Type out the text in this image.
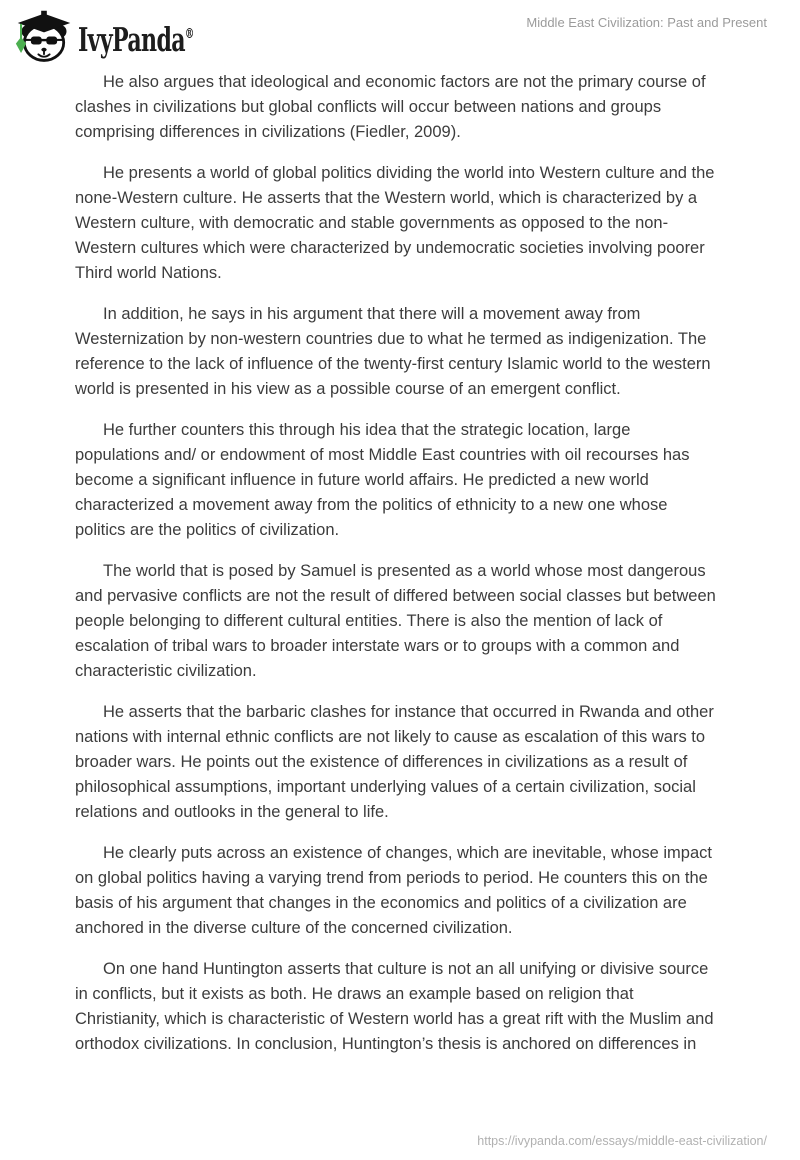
IvyPanda®
Middle East Civilization: Past and Present

He also argues that ideological and economic factors are not the primary course of
clashes in civilizations but global conflicts will occur between nations and groups
comprising differences in civilizations (Fiedler, 2009).

He presents a world of global politics dividing the world into Western culture and the
none-Western culture. He asserts that the Western world, which is characterized by a
Western culture, with democratic and stable governments as opposed to the non-
Western cultures which were characterized by undemocratic societies involving poorer
Third world Nations.

In addition, he says in his argument that there will a movement away from
Westernization by non-western countries due to what he termed as indigenization. The
reference to the lack of influence of the twenty-first century Islamic world to the western
world is presented in his view as a possible course of an emergent conflict.

He further counters this through his idea that the strategic location, large
populations and/ or endowment of most Middle East countries with oil recourses has
become a significant influence in future world affairs. He predicted a new world
characterized a movement away from the politics of ethnicity to a new one whose
politics are the politics of civilization.

The world that is posed by Samuel is presented as a world whose most dangerous
and pervasive conflicts are not the result of differed between social classes but between
people belonging to different cultural entities. There is also the mention of lack of
escalation of tribal wars to broader interstate wars or to groups with a common and
characteristic civilization.

He asserts that the barbaric clashes for instance that occurred in Rwanda and other
nations with internal ethnic conflicts are not likely to cause as escalation of this wars to
broader wars. He points out the existence of differences in civilizations as a result of
philosophical assumptions, important underlying values of a certain civilization, social
relations and outlooks in the general to life.

He clearly puts across an existence of changes, which are inevitable, whose impact
on global politics having a varying trend from periods to period. He counters this on the
basis of his argument that changes in the economics and politics of a civilization are
anchored in the diverse culture of the concerned civilization.

On one hand Huntington asserts that culture is not an all unifying or divisive source
in conflicts, but it exists as both. He draws an example based on religion that
Christianity, which is characteristic of Western world has a great rift with the Muslim and
orthodox civilizations. In conclusion, Huntington’s thesis is anchored on differences in

https://ivypanda.com/essays/middle-east-civilization/
